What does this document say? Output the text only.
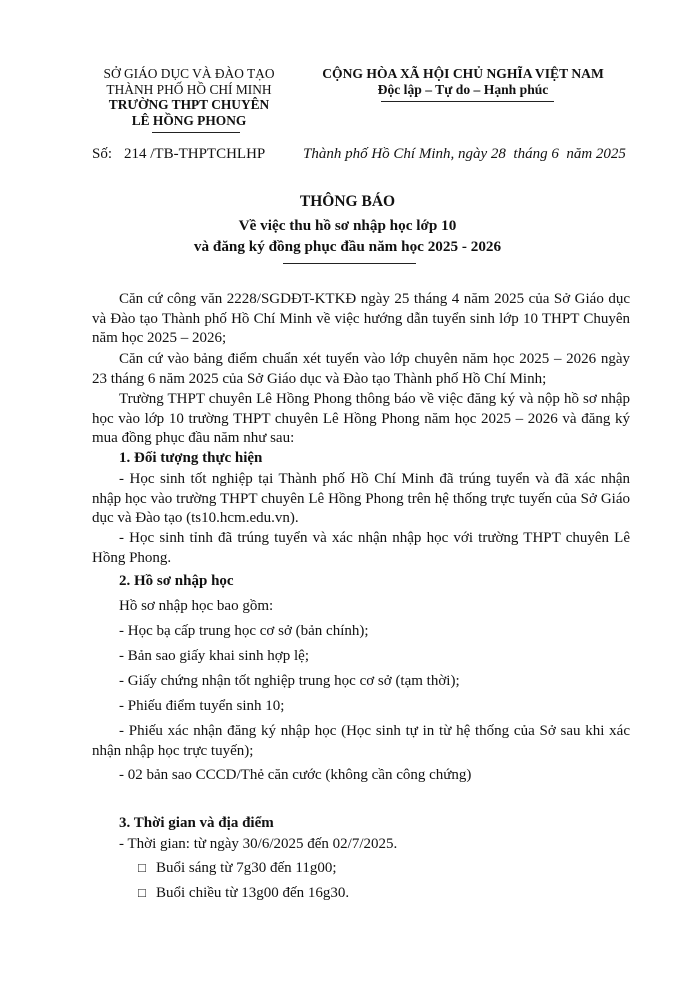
SỞ GIÁO DỤC VÀ ĐÀO TẠO
THÀNH PHỐ HỒ CHÍ MINH
TRƯỜNG THPT CHUYÊN
LÊ HỒNG PHONG
CỘNG HÒA XÃ HỘI CHỦ NGHĨA VIỆT NAM
Độc lập – Tự do – Hạnh phúc
Số: 214 /TB-THPTCHLHP	Thành phố Hồ Chí Minh, ngày 28  tháng 6  năm 2025
THÔNG BÁO
Về việc thu hồ sơ nhập học lớp 10
và đăng ký đồng phục đầu năm học 2025 - 2026

Căn cứ công văn 2228/SGDĐT-KTKĐ ngày 25 tháng 4 năm 2025 của Sở Giáo dục và Đào tạo Thành phố Hồ Chí Minh về việc hướng dẫn tuyển sinh lớp 10 THPT Chuyên năm học 2025 – 2026;

Căn cứ vào bảng điểm chuẩn xét tuyển vào lớp chuyên năm học 2025 – 2026 ngày 23 tháng 6 năm 2025 của Sở Giáo dục và Đào tạo Thành phố Hồ Chí Minh;

Trường THPT chuyên Lê Hồng Phong thông báo về việc đăng ký và nộp hồ sơ nhập học vào lớp 10 trường THPT chuyên Lê Hồng Phong năm học 2025 – 2026 và đăng ký mua đồng phục đầu năm như sau:

1. Đối tượng thực hiện

- Học sinh tốt nghiệp tại Thành phố Hồ Chí Minh đã trúng tuyển và đã xác nhận nhập học vào trường THPT chuyên Lê Hồng Phong trên hệ thống trực tuyến của Sở Giáo dục và Đào tạo (ts10.hcm.edu.vn).

- Học sinh tỉnh đã trúng tuyển và xác nhận nhập học với trường THPT chuyên Lê Hồng Phong.

2. Hồ sơ nhập học

Hồ sơ nhập học bao gồm:

- Học bạ cấp trung học cơ sở (bản chính);

- Bản sao giấy khai sinh hợp lệ;

- Giấy chứng nhận tốt nghiệp trung học cơ sở (tạm thời);

- Phiếu điểm tuyển sinh 10;

- Phiếu xác nhận đăng ký nhập học (Học sinh tự in từ hệ thống của Sở sau khi xác nhận nhập học trực tuyến);

- 02 bản sao CCCD/Thẻ căn cước (không cần công chứng)

3. Thời gian và địa điểm

- Thời gian: từ ngày 30/6/2025 đến 02/7/2025.

□ Buổi sáng từ 7g30 đến 11g00;
□ Buổi chiều từ 13g00 đến 16g30.
